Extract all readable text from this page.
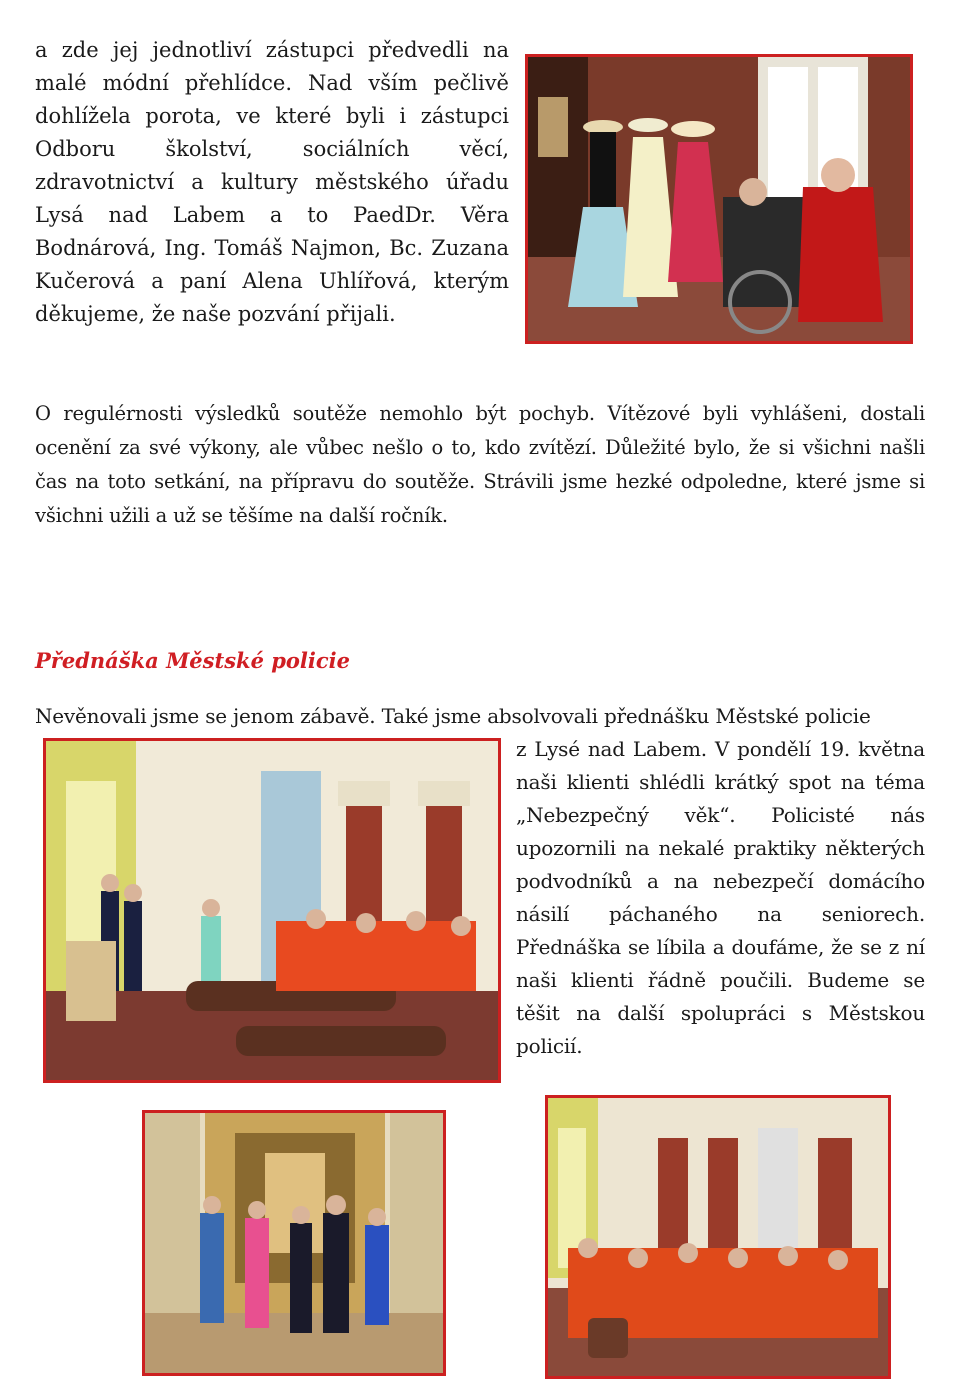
a zde jej jednotliví zástupci předvedli na malé módní přehlídce. Nad vším pečlivě dohlížela porota, ve které byli i zástupci Odboru školství, sociálních věcí, zdravotnictví a kultury městského úřadu Lysá nad Labem a to PaedDr. Věra Bodnárová, Ing. Tomáš Najmon, Bc. Zuzana Kučerová a paní Alena Uhlířová, kterým děkujeme, že naše pozvání přijali.
O regulérnosti výsledků soutěže nemohlo být pochyb. Vítězové byli vyhlášeni, dostali ocenění za své výkony, ale vůbec nešlo o to, kdo zvítězí. Důležité bylo, že si všichni našli čas na toto setkání, na přípravu do soutěže. Strávili jsme hezké odpoledne, které jsme si všichni užili a už se těšíme na další ročník.
Přednáška Městské policie
Nevěnovali jsme se jenom zábavě. Také jsme absolvovali přednášku Městské policie
z Lysé nad Labem. V pondělí 19. května naši klienti shlédli krátký spot na téma „Nebezpečný věk“. Policisté nás upozornili na nekalé praktiky některých podvodníků a na nebezpečí domácího násilí páchaného na seniorech. Přednáška se líbila a doufáme, že se z ní naši klienti řádně poučili. Budeme se těšit na další spolupráci s Městskou policií.
